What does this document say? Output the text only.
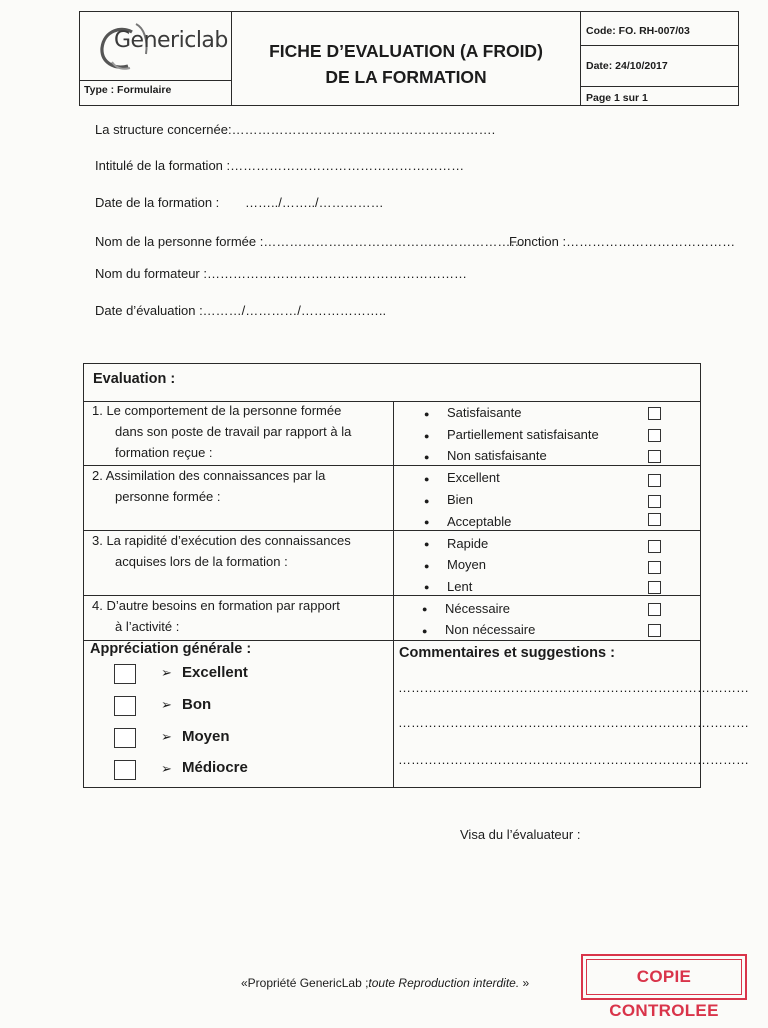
Genericlab
Type : Formulaire
FICHE D’EVALUATION (A FROID)
DE LA FORMATION
Code: FO. RH-007/03
Date: 24/10/2017
Page 1 sur 1
La structure concernée:…………………………………………………….
Intitulé de la formation :………………………………………………
Date de la formation : ……../……../……………
Nom de la personne formée :…………………………………………………….
Fonction :…………………………………
Nom du formateur :……………………………………………………
Date d’évaluation :………/…………/………………..
Evaluation :
1. Le comportement de la personne formée
dans son poste de travail par rapport à la
formation reçue :
● Satisfaisante
● Partiellement satisfaisante
● Non satisfaisante
2. Assimilation des connaissances par la
personne formée :
● Excellent
● Bien
● Acceptable
3. La rapidité d’exécution des connaissances
acquises lors de la formation :
● Rapide
● Moyen
● Lent
4. D’autre besoins en formation par rapport
à l’activité :
● Nécessaire
● Non nécessaire
Appréciation générale :
➢ Excellent
➢ Bon
➢ Moyen
➢ Médiocre
Commentaires et suggestions :
………………………………………………………………………
………………………………………………………………………
………………………………………………………………………
Visa du l’évaluateur :
«Propriété GenericLab ;toute Reproduction interdite. »	COPIE CONTROLEE
